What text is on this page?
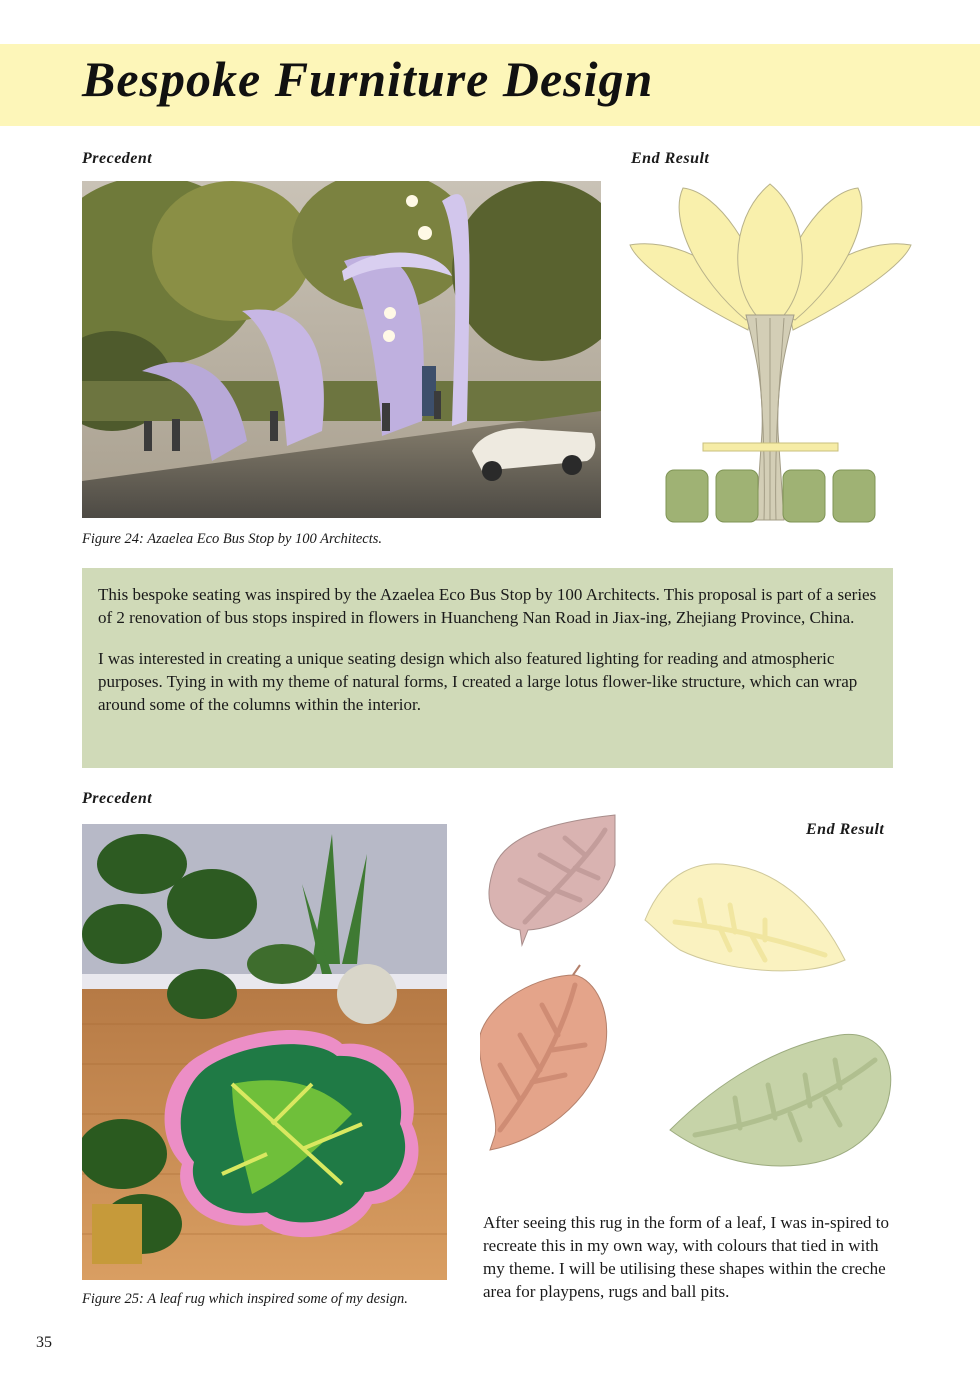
Bespoke Furniture Design
Precedent	End Result
Figure 24: Azaelea Eco Bus Stop by 100 Architects.

This bespoke seating was inspired by the Azaelea Eco Bus Stop by 100 Architects. This proposal is part of a series of 2 renovation of bus stops inspired in flowers in Huancheng Nan Road in Jiax-ing, Zhejiang Province, China.

I was interested in creating a unique seating design which also featured lighting for reading and atmospheric purposes. Tying in with my theme of natural forms, I created a large lotus flower-like structure, which can wrap around some of the columns within the interior.

Precedent
End Result
Figure 25: A leaf rug which inspired some of my design.

After seeing this rug in the form of a leaf, I was in-spired to recreate this in my own way, with colours that tied in with my theme. I will be utilising these shapes within the creche area for playpens, rugs and ball pits.

35
